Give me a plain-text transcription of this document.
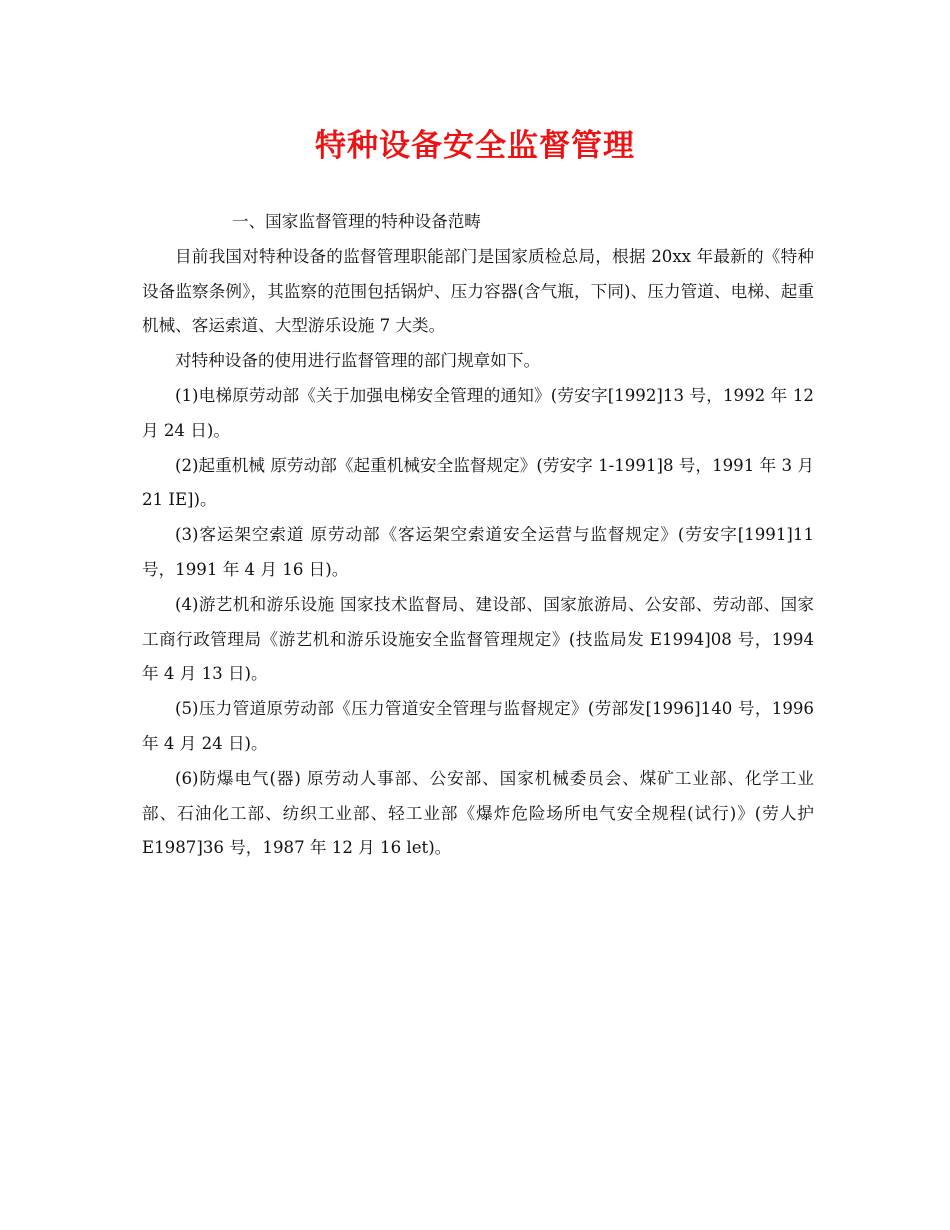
特种设备安全监督管理

一、国家监督管理的特种设备范畴

目前我国对特种设备的监督管理职能部门是国家质检总局，根据 20xx 年最新的《特种设备监察条例》，其监察的范围包括锅炉、压力容器(含气瓶，下同)、压力管道、电梯、起重机械、客运索道、大型游乐设施 7 大类。

对特种设备的使用进行监督管理的部门规章如下。

(1)电梯原劳动部《关于加强电梯安全管理的通知》(劳安字[1992]13 号，1992 年 12 月 24 日)。

(2)起重机械 原劳动部《起重机械安全监督规定》(劳安字 1-1991]8 号，1991 年 3 月 21 IE])。

(3)客运架空索道 原劳动部《客运架空索道安全运营与监督规定》(劳安字[1991]11 号，1991 年 4 月 16 日)。

(4)游艺机和游乐设施 国家技术监督局、建设部、国家旅游局、公安部、劳动部、国家工商行政管理局《游艺机和游乐设施安全监督管理规定》(技监局发 E1994]08 号，1994 年 4 月 13 日)。

(5)压力管道原劳动部《压力管道安全管理与监督规定》(劳部发[1996]140 号，1996 年 4 月 24 日)。

(6)防爆电气(器) 原劳动人事部、公安部、国家机械委员会、煤矿工业部、化学工业部、石油化工部、纺织工业部、轻工业部《爆炸危险场所电气安全规程(试行)》(劳人护 E1987]36 号，1987 年 12 月 16 let)。
